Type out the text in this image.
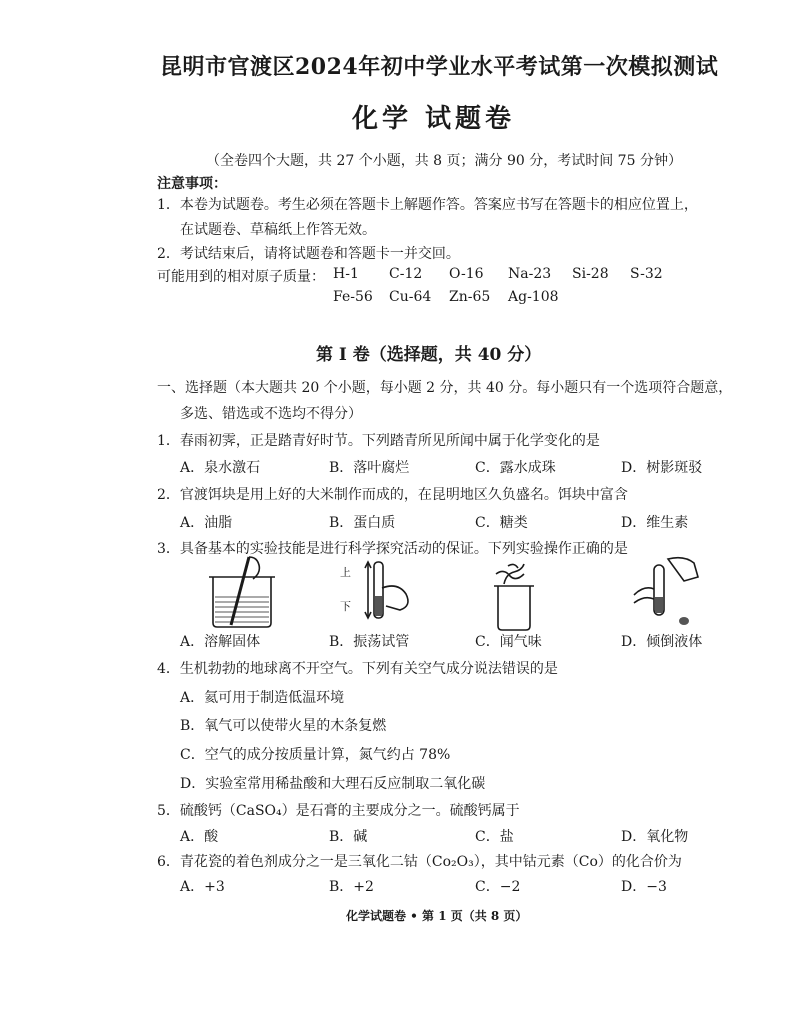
昆明市官渡区2024年初中学业水平考试第一次模拟测试
化学 试题卷
（全卷四个大题，共 27 个小题，共 8 页；满分 90 分，考试时间 75 分钟）
注意事项：
1．本卷为试题卷。考生必须在答题卡上解题作答。答案应书写在答题卡的相应位置上，
在试题卷、草稿纸上作答无效。
2．考试结束后，请将试题卷和答题卡一并交回。
可能用到的相对原子质量： H-1 C-12 O-16 Na-23 Si-28 S-32
Fe-56 Cu-64 Zn-65 Ag-108
第 I 卷（选择题，共 40 分）
一、选择题（本大题共 20 个小题，每小题 2 分，共 40 分。每小题只有一个选项符合题意，
多选、错选或不选均不得分）
1．春雨初霁，正是踏青好时节。下列踏青所见所闻中属于化学变化的是
A．泉水激石	B．落叶腐烂	C．露水成珠	D．树影斑驳
2．官渡饵块是用上好的大米制作而成的，在昆明地区久负盛名。饵块中富含
A．油脂	B．蛋白质	C．糖类	D．维生素
3．具备基本的实验技能是进行科学探究活动的保证。下列实验操作正确的是
上
下
A．溶解固体	B．振荡试管	C．闻气味	D．倾倒液体
4．生机勃勃的地球离不开空气。下列有关空气成分说法错误的是
A．氦可用于制造低温环境
B．氧气可以使带火星的木条复燃
C．空气的成分按质量计算，氮气约占 78%
D．实验室常用稀盐酸和大理石反应制取二氧化碳
5．硫酸钙（CaSO₄）是石膏的主要成分之一。硫酸钙属于
A．酸	B．碱	C．盐	D．氧化物
6．青花瓷的着色剂成分之一是三氧化二钴（Co₂O₃），其中钴元素（Co）的化合价为
A．+3	B．+2	C．−2	D．−3
化学试题卷 • 第 1 页（共 8 页）
